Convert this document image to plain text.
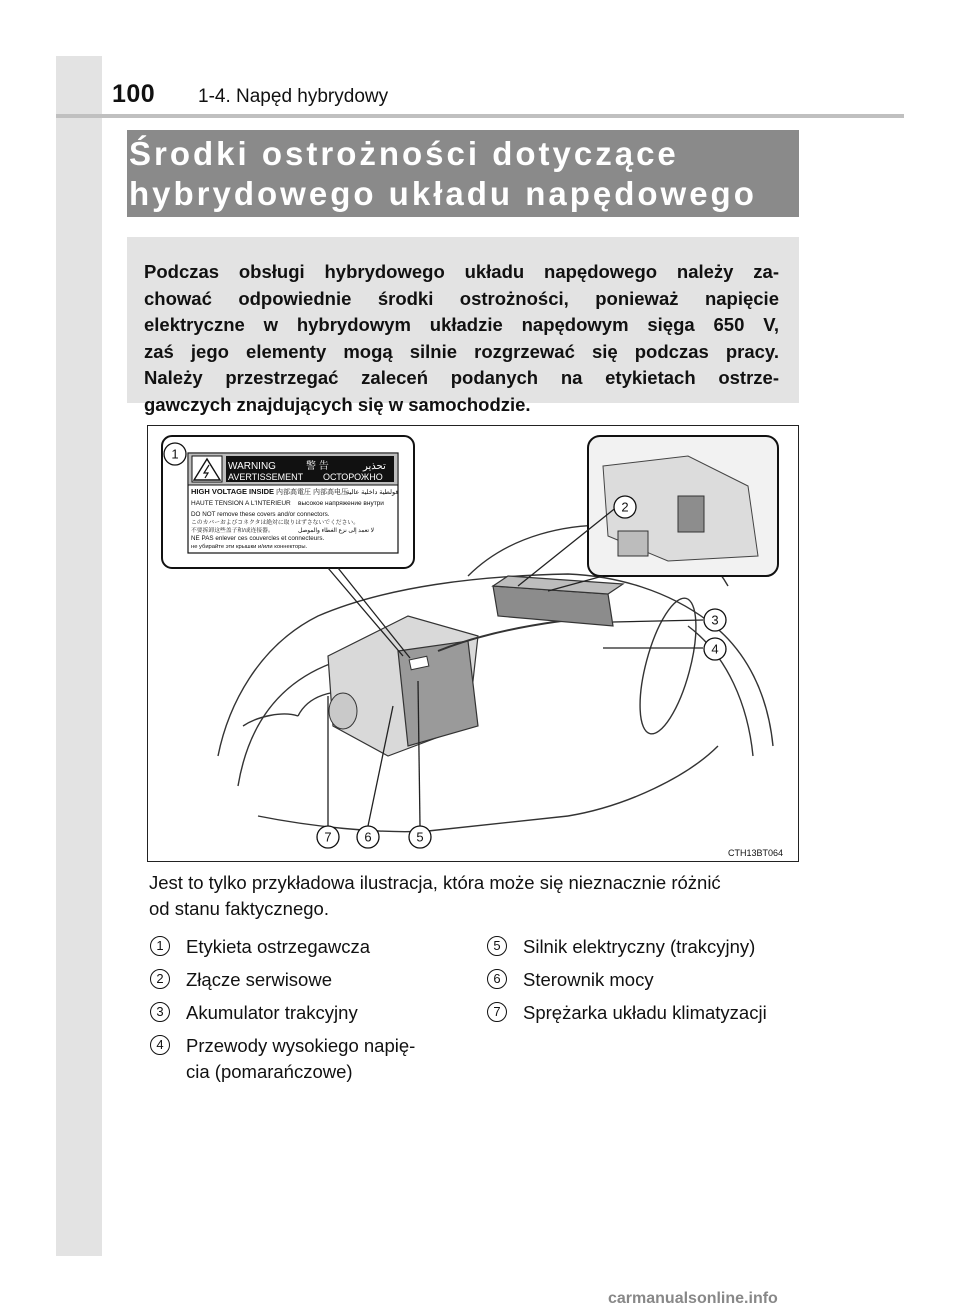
100 1-4. Napęd hybrydowy
Środki ostrożności dotyczące
hybrydowego układu napędowego
Podczas obsługi hybrydowego układu napędowego należy za-
chować odpowiednie środki ostrożności, ponieważ napięcie
elektryczne w hybrydowym układzie napędowym sięga 650 V,
zaś jego elementy mogą silnie rozgrzewać się podczas pracy.
Należy przestrzegać zaleceń podanych na etykietach ostrze-
gawczych znajdujących się w samochodzie.
WARNING	警 告	تحذير
AVERTISSEMENT ОСТОРОЖНО
HIGH VOLTAGE INSIDE 内部高電圧 内部高电压
فولطية داخلية عالية
HAUTE TENSION A L'INTERIEUR высокое напряжение внутри
DO NOT remove these covers and/or connectors.
このカバーおよびコネクタは絶対に取りはずさないでください。
不要拆卸这些盖子和/或连接器。	لا تعمد إلى نزع الغطاء والموصل
NE PAS enlever ces couvercles et connecteurs.
не убирайте эти крышки и/или коннекторы.
1
2
3
4
5
6
7
CTH13BT064
Jest to tylko przykładowa ilustracja, która może się nieznacznie różnić
od stanu faktycznego.
1	Etykieta ostrzegawcza
2	Złącze serwisowe
3	Akumulator trakcyjny
4	Przewody wysokiego napię-
cia (pomarańczowe)
5	Silnik elektryczny (trakcyjny)
6	Sterownik mocy
7	Sprężarka układu klimatyzacji
carmanualsonline.info
